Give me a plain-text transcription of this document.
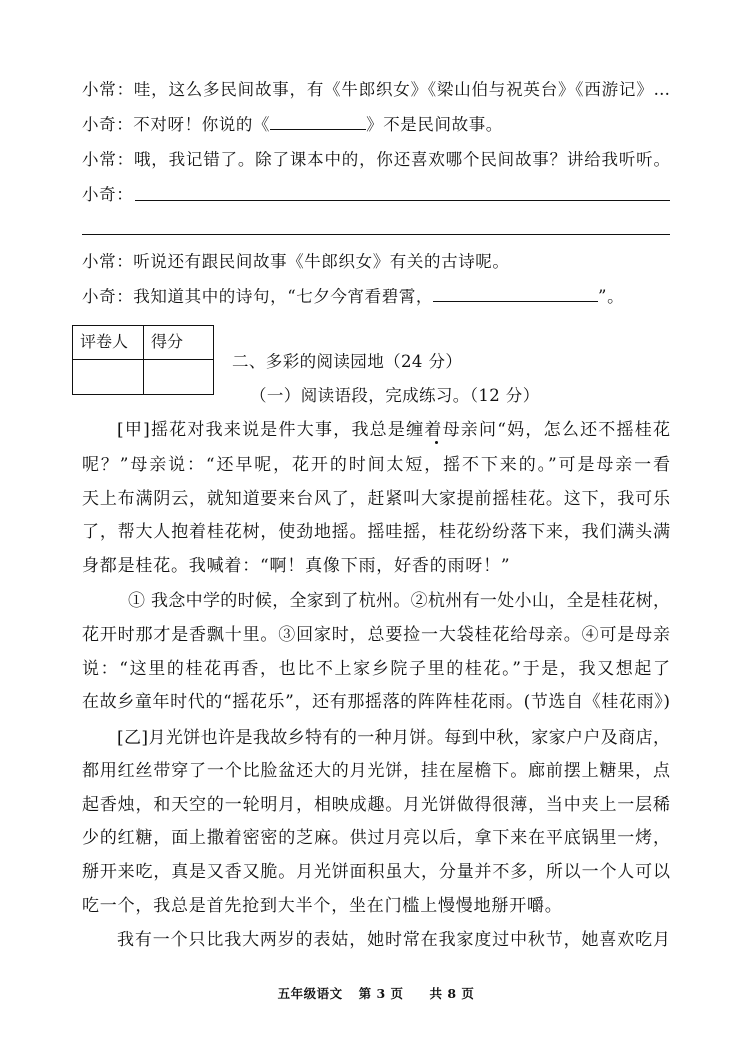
小常：哇，这么多民间故事，有《牛郎织女》《梁山伯与祝英台》《西游记》…
小奇：不对呀！你说的《	》不是民间故事。
小常：哦，我记错了。除了课本中的，你还喜欢哪个民间故事？讲给我听听。
小奇：
小常：听说还有跟民间故事《牛郎织女》有关的古诗呢。
小奇：我知道其中的诗句，“七夕今宵看碧霄，	”。
评卷人	得分
二、多彩的阅读园地（24 分）
（一）阅读语段，完成练习。（12 分）
[甲]摇花对我来说是件大事，我总是缠着母亲问“妈，怎么还不摇桂花
呢？”母亲说：“还早呢，花开的时间太短，摇不下来的。”可是母亲一看
天上布满阴云，就知道要来台风了，赶紧叫大家提前摇桂花。这下，我可乐
了，帮大人抱着桂花树，使劲地摇。摇哇摇，桂花纷纷落下来，我们满头满
身都是桂花。我喊着：“啊！真像下雨，好香的雨呀！”
① 我念中学的时候，全家到了杭州。②杭州有一处小山，全是桂花树，
花开时那才是香飘十里。③回家时，总要捡一大袋桂花给母亲。④可是母亲
说：“这里的桂花再香，也比不上家乡院子里的桂花。”于是，我又想起了
在故乡童年时代的“摇花乐”，还有那摇落的阵阵桂花雨。(节选自《桂花雨》)
[乙]月光饼也许是我故乡特有的一种月饼。每到中秋，家家户户及商店，
都用红丝带穿了一个比脸盆还大的月光饼，挂在屋檐下。廊前摆上糖果，点
起香烛，和天空的一轮明月，相映成趣。月光饼做得很薄，当中夹上一层稀
少的红糖，面上撒着密密的芝麻。供过月亮以后，拿下来在平底锅里一烤，
掰开来吃，真是又香又脆。月光饼面积虽大，分量并不多，所以一个人可以
吃一个，我总是首先抢到大半个，坐在门槛上慢慢地掰开嚼。
我有一个只比我大两岁的表姑，她时常在我家度过中秋节，她喜欢吃月
五年级语文 第 3 页 共 8 页
